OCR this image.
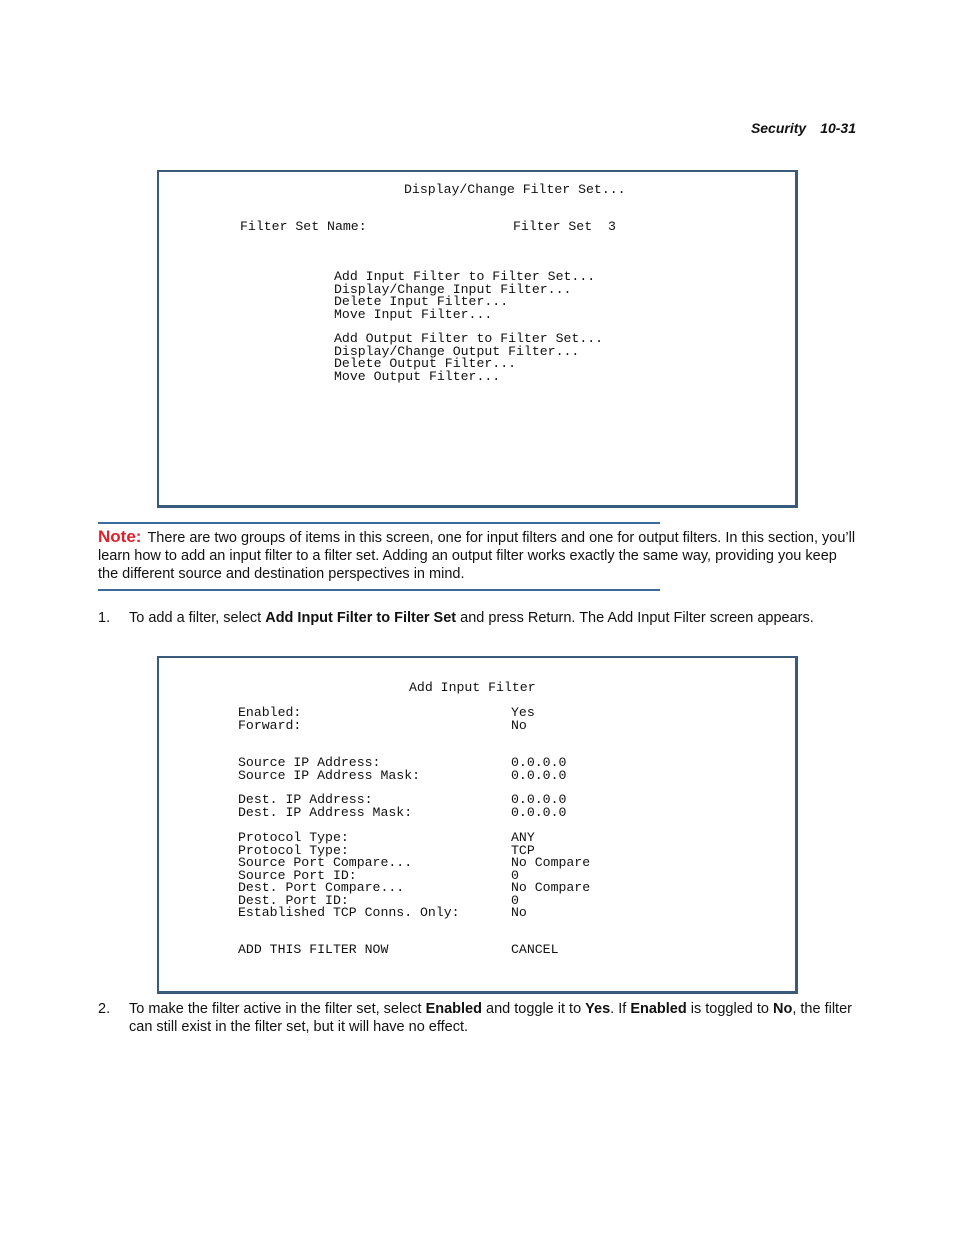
Security 10-31
Display/Change Filter Set...
Filter Set Name:	Filter Set  3
Add Input Filter to Filter Set...
Display/Change Input Filter...
Delete Input Filter...
Move Input Filter...
Add Output Filter to Filter Set...
Display/Change Output Filter...
Delete Output Filter...
Move Output Filter...
Note: There are two groups of items in this screen, one for input filters and one for output filters. In this section, you’ll learn how to add an input filter to a filter set. Adding an output filter works exactly the same way, providing you keep the different source and destination perspectives in mind.
1. To add a filter, select Add Input Filter to Filter Set and press Return. The Add Input Filter screen appears.
Add Input Filter
Enabled:	Yes
Forward:	No
Source IP Address:	0.0.0.0
Source IP Address Mask:	0.0.0.0
Dest. IP Address:	0.0.0.0
Dest. IP Address Mask:	0.0.0.0
Protocol Type:	ANY
Protocol Type:	TCP
Source Port Compare...	No Compare
Source Port ID:	0
Dest. Port Compare...	No Compare
Dest. Port ID:	0
Established TCP Conns. Only:	No
ADD THIS FILTER NOW	CANCEL
2. To make the filter active in the filter set, select Enabled and toggle it to Yes. If Enabled is toggled to No, the filter can still exist in the filter set, but it will have no effect.
